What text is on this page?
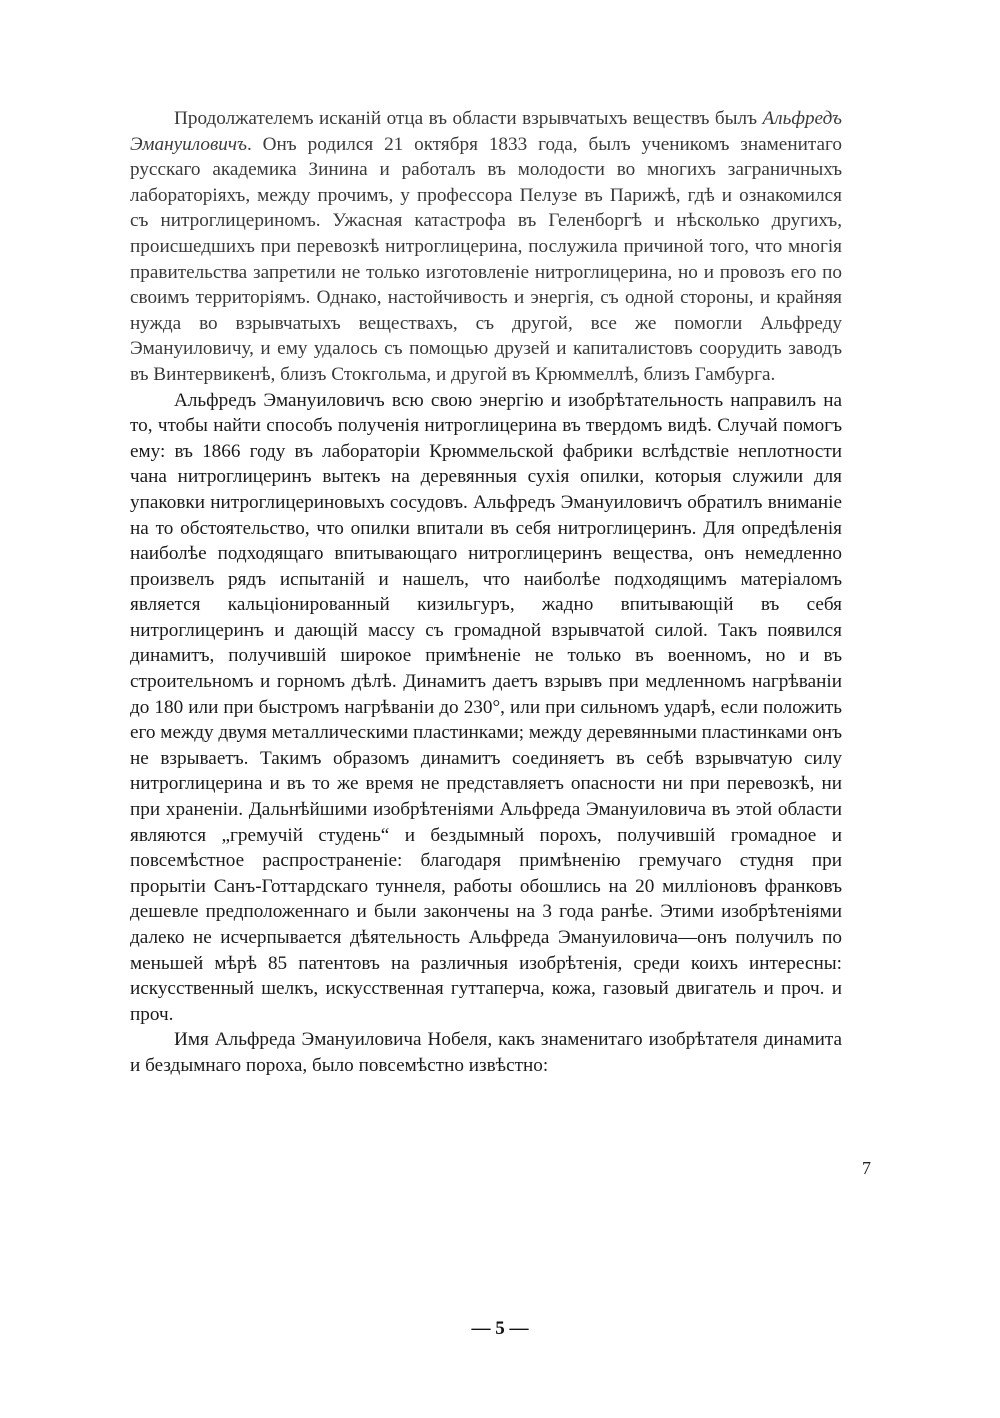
Продолжателемъ исканій отца въ области взрывчатыхъ веществъ былъ Альфредъ Эмануиловичъ. Онъ родился 21 октября 1833 года, былъ ученикомъ знаменитаго русскаго академика Зинина и работалъ въ молодости во многихъ заграничныхъ лабораторіяхъ, между прочимъ, у профессора Пелузе въ Парижѣ, гдѣ и ознакомился съ нитроглицериномъ. Ужасная катастрофа въ Геленборгѣ и нѣсколько другихъ, происшедшихъ при перевозкѣ нитроглицерина, послужила причиной того, что многія правительства запретили не только изготовленіе нитроглицерина, но и провозъ его по своимъ территоріямъ. Однако, настойчивость и энергія, съ одной стороны, и крайняя нужда во взрывчатыхъ веществахъ, съ другой, все же помогли Альфреду Эмануиловичу, и ему удалось съ помощью друзей и капиталистовъ соорудить заводъ въ Винтервикенѣ, близъ Стокгольма, и другой въ Крюммеллѣ, близъ Гамбурга.

Альфредъ Эмануиловичъ всю свою энергію и изобрѣтательность направилъ на то, чтобы найти способъ полученія нитроглицерина въ твердомъ видѣ. Случай помогъ ему: въ 1866 году въ лабораторіи Крюммельской фабрики вслѣдствіе неплотности чана нитроглицеринъ вытекъ на деревянныя сухія опилки, которыя служили для упаковки нитроглицериновыхъ сосудовъ. Альфредъ Эмануиловичъ обратилъ вниманіе на то обстоятельство, что опилки впитали въ себя нитроглицеринъ. Для опредѣленія наиболѣе подходящаго впитывающаго нитроглицеринъ вещества, онъ немедленно произвелъ рядъ испытаній и нашелъ, что наиболѣе подходящимъ матеріаломъ является кальціонированный кизильгуръ, жадно впитывающій въ себя нитроглицеринъ и дающій массу съ громадной взрывчатой силой. Такъ появился динамитъ, получившій широкое примѣненіе не только въ военномъ, но и въ строительномъ и горномъ дѣлѣ. Динамитъ даетъ взрывъ при медленномъ нагрѣваніи до 180 или при быстромъ нагрѣваніи до 230°, или при сильномъ ударѣ, если положить его между двумя металлическими пластинками; между деревянными пластинками онъ не взрываетъ. Такимъ образомъ динамитъ соединяетъ въ себѣ взрывчатую силу нитроглицерина и въ то же время не представляетъ опасности ни при перевозкѣ, ни при храненіи. Дальнѣйшими изобрѣтеніями Альфреда Эмануиловича въ этой области являются „гремучій студень“ и бездымный порохъ, получившій громадное и повсемѣстное распространеніе: благодаря примѣненію гремучаго студня при прорытіи Санъ-Готтардскаго туннеля, работы обошлись на 20 милліоновъ франковъ дешевле предположеннаго и были закончены на 3 года ранѣе. Этими изобрѣтеніями далеко не исчерпывается дѣятельность Альфреда Эмануиловича—онъ получилъ по меньшей мѣрѣ 85 патентовъ на различныя изобрѣтенія, среди коихъ интересны: искусственный шелкъ, искусственная гуттаперча, кожа, газовый двигатель и проч. и проч.

Имя Альфреда Эмануиловича Нобеля, какъ знаменитаго изобрѣтателя динамита и бездымнаго пороха, было повсемѣстно извѣстно:

7
— 5 —
